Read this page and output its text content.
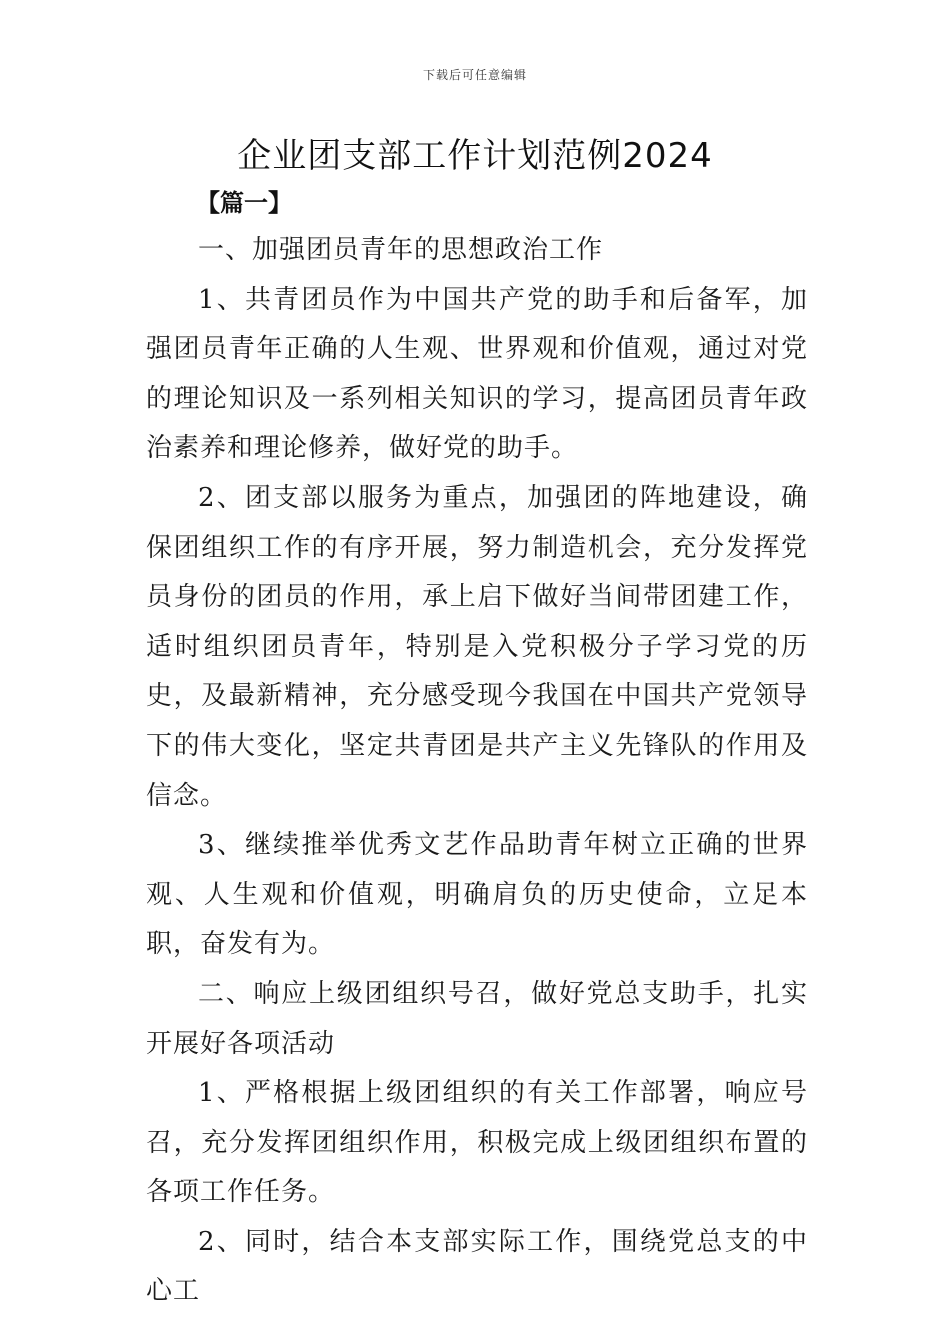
下载后可任意编辑
企业团支部工作计划范例2024
【篇一】

一、加强团员青年的思想政治工作

1、共青团员作为中国共产党的助手和后备军，加强团员青年正确的人生观、世界观和价值观，通过对党的理论知识及一系列相关知识的学习，提高团员青年政治素养和理论修养，做好党的助手。

2、团支部以服务为重点，加强团的阵地建设，确保团组织工作的有序开展，努力制造机会，充分发挥党员身份的团员的作用，承上启下做好当间带团建工作，适时组织团员青年，特别是入党积极分子学习党的历史，及最新精神，充分感受现今我国在中国共产党领导下的伟大变化，坚定共青团是共产主义先锋队的作用及信念。

3、继续推举优秀文艺作品助青年树立正确的世界观、人生观和价值观，明确肩负的历史使命，立足本职，奋发有为。

二、响应上级团组织号召，做好党总支助手，扎实开展好各项活动

1、严格根据上级团组织的有关工作部署，响应号召，充分发挥团组织作用，积极完成上级团组织布置的各项工作任务。

2、同时，结合本支部实际工作，围绕党总支的中心工
